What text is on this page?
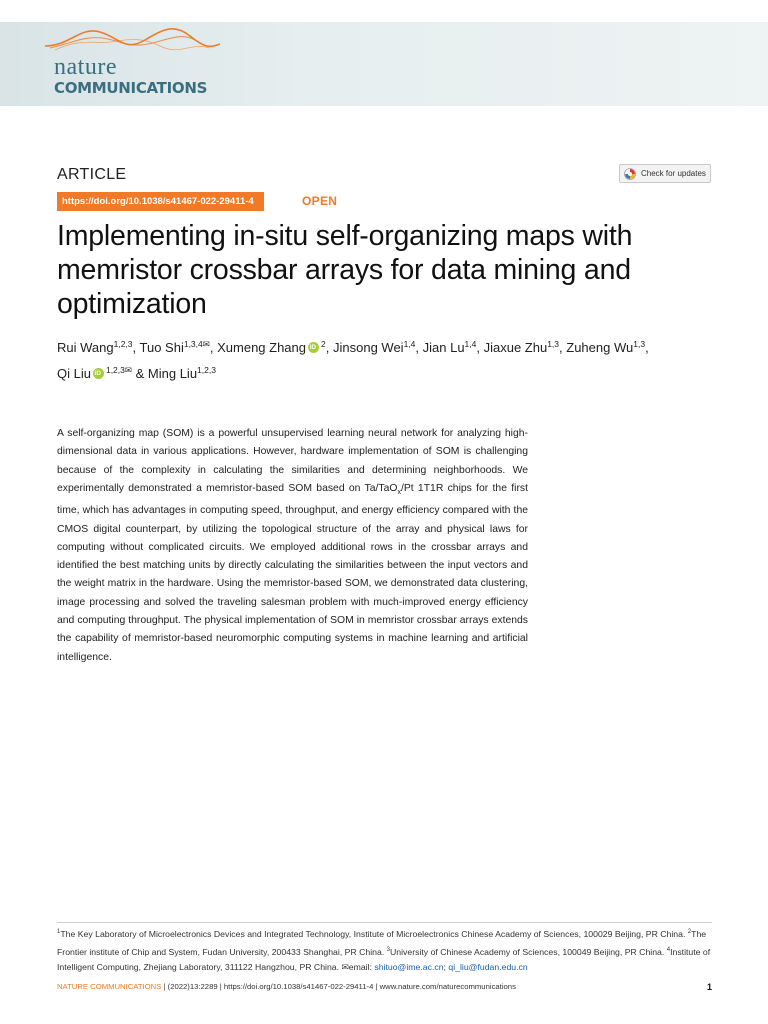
nature
COMMUNICATIONS
ARTICLE	Check for updates
https://doi.org/10.1038/s41467-022-29411-4	OPEN
Implementing in-situ self-organizing maps with memristor crossbar arrays for data mining and optimization
Rui Wang$^{1,2,3}$, Tuo Shi$^{1,3,4✉}$, Xumeng Zhang iD $^2$, Jinsong Wei$^{1,4}$, Jian Lu$^{1,4}$, Jiaxue Zhu$^{1,3}$, Zuheng Wu$^{1,3}$,
Qi Liu iD $^{1,2,3✉}$ & Ming Liu$^{1,2,3}$

A self-organizing map (SOM) is a powerful unsupervised learning neural network for analyzing high-dimensional data in various applications. However, hardware implementation of SOM is challenging because of the complexity in calculating the similarities and determining neighborhoods. We experimentally demonstrated a memristor-based SOM based on Ta/TaO$_x$/Pt 1T1R chips for the first time, which has advantages in computing speed, throughput, and energy efficiency compared with the CMOS digital counterpart, by utilizing the topological structure of the array and physical laws for computing without complicated circuits. We employed additional rows in the crossbar arrays and identified the best matching units by directly calculating the similarities between the input vectors and the weight matrix in the hardware. Using the memristor-based SOM, we demonstrated data clustering, image processing and solved the traveling salesman problem with much-improved energy efficiency and computing throughput. The physical implementation of SOM in memristor crossbar arrays extends the capability of memristor-based neuromorphic computing systems in machine learning and artificial intelligence.

$^1$The Key Laboratory of Microelectronics Devices and Integrated Technology, Institute of Microelectronics Chinese Academy of Sciences, 100029 Beijing, PR China. $^2$The Frontier institute of Chip and System, Fudan University, 200433 Shanghai, PR China. $^3$University of Chinese Academy of Sciences, 100049 Beijing, PR China. $^4$Institute of Intelligent Computing, Zhejiang Laboratory, 311122 Hangzhou, PR China. ✉email: shituo@ime.ac.cn; qi_liu@fudan.edu.cn
NATURE COMMUNICATIONS | (2022)13:2289 | https://doi.org/10.1038/s41467-022-29411-4 | www.nature.com/naturecommunications	1
